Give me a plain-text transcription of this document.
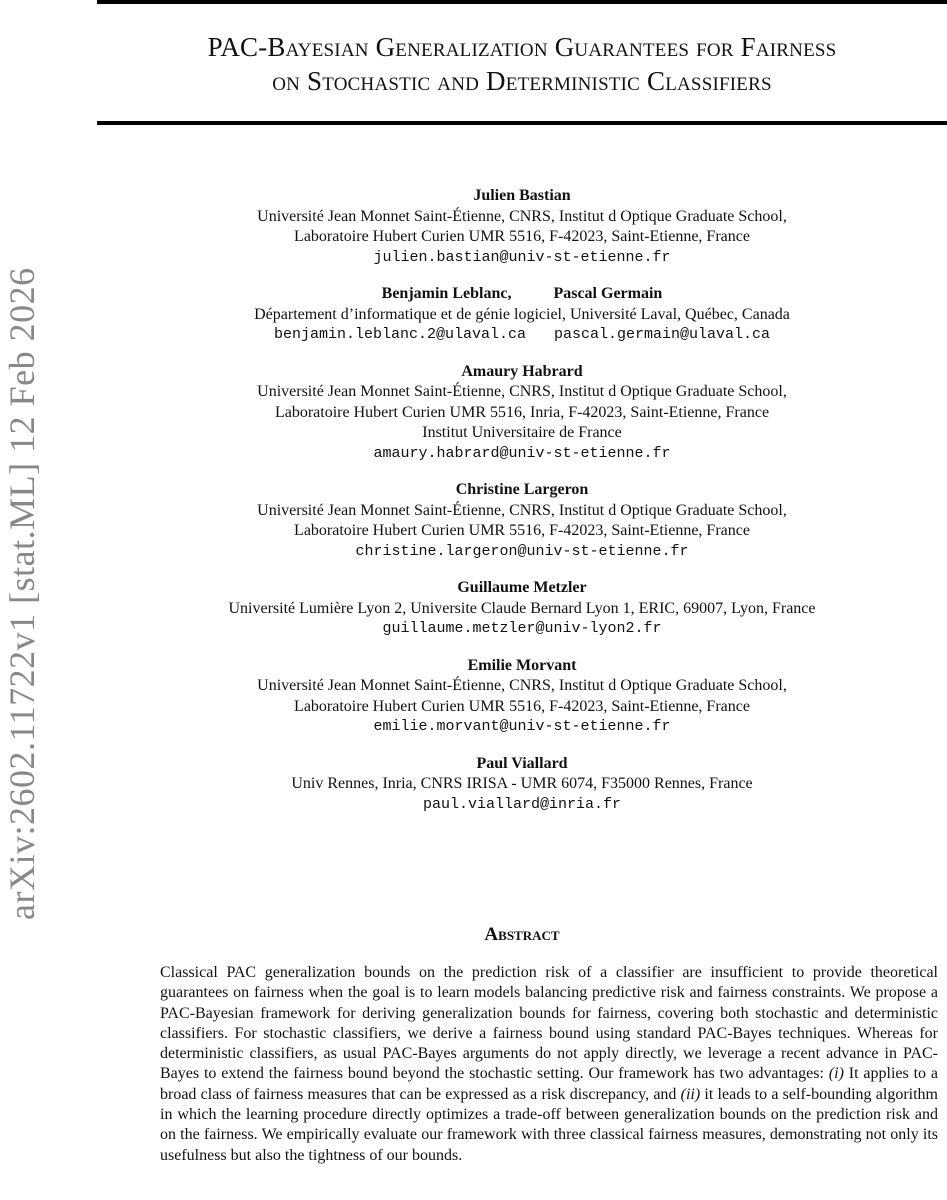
PAC-Bayesian Generalization Guarantees for Fairness
on Stochastic and Deterministic Classifiers
arXiv:2602.11722v1 [stat.ML] 12 Feb 2026
Julien Bastian
Université Jean Monnet Saint-Étienne, CNRS, Institut d Optique Graduate School,
Laboratoire Hubert Curien UMR 5516, F-42023, Saint-Etienne, France
julien.bastian@univ-st-etienne.fr
Benjamin Leblanc,	Pascal Germain
Département d’informatique et de génie logiciel, Université Laval, Québec, Canada
benjamin.leblanc.2@ulaval.ca pascal.germain@ulaval.ca
Amaury Habrard
Université Jean Monnet Saint-Étienne, CNRS, Institut d Optique Graduate School,
Laboratoire Hubert Curien UMR 5516, Inria, F-42023, Saint-Etienne, France
Institut Universitaire de France
amaury.habrard@univ-st-etienne.fr
Christine Largeron
Université Jean Monnet Saint-Étienne, CNRS, Institut d Optique Graduate School,
Laboratoire Hubert Curien UMR 5516, F-42023, Saint-Etienne, France
christine.largeron@univ-st-etienne.fr
Guillaume Metzler
Université Lumière Lyon 2, Universite Claude Bernard Lyon 1, ERIC, 69007, Lyon, France
guillaume.metzler@univ-lyon2.fr
Emilie Morvant
Université Jean Monnet Saint-Étienne, CNRS, Institut d Optique Graduate School,
Laboratoire Hubert Curien UMR 5516, F-42023, Saint-Etienne, France
emilie.morvant@univ-st-etienne.fr
Paul Viallard
Univ Rennes, Inria, CNRS IRISA - UMR 6074, F35000 Rennes, France
paul.viallard@inria.fr
Abstract
Classical PAC generalization bounds on the prediction risk of a classifier are insufficient to provide theoretical guarantees on fairness when the goal is to learn models balancing predictive risk and fairness constraints. We propose a PAC-Bayesian framework for deriving generalization bounds for fairness, covering both stochastic and deterministic classifiers. For stochastic classifiers, we derive a fairness bound using standard PAC-Bayes techniques. Whereas for deterministic classifiers, as usual PAC-Bayes arguments do not apply directly, we leverage a recent advance in PAC-Bayes to extend the fairness bound beyond the stochastic setting. Our framework has two advantages: (i) It applies to a broad class of fairness measures that can be expressed as a risk discrepancy, and (ii) it leads to a self-bounding algorithm in which the learning procedure directly optimizes a trade-off between generalization bounds on the prediction risk and on the fairness. We empirically evaluate our framework with three classical fairness measures, demonstrating not only its usefulness but also the tightness of our bounds.
